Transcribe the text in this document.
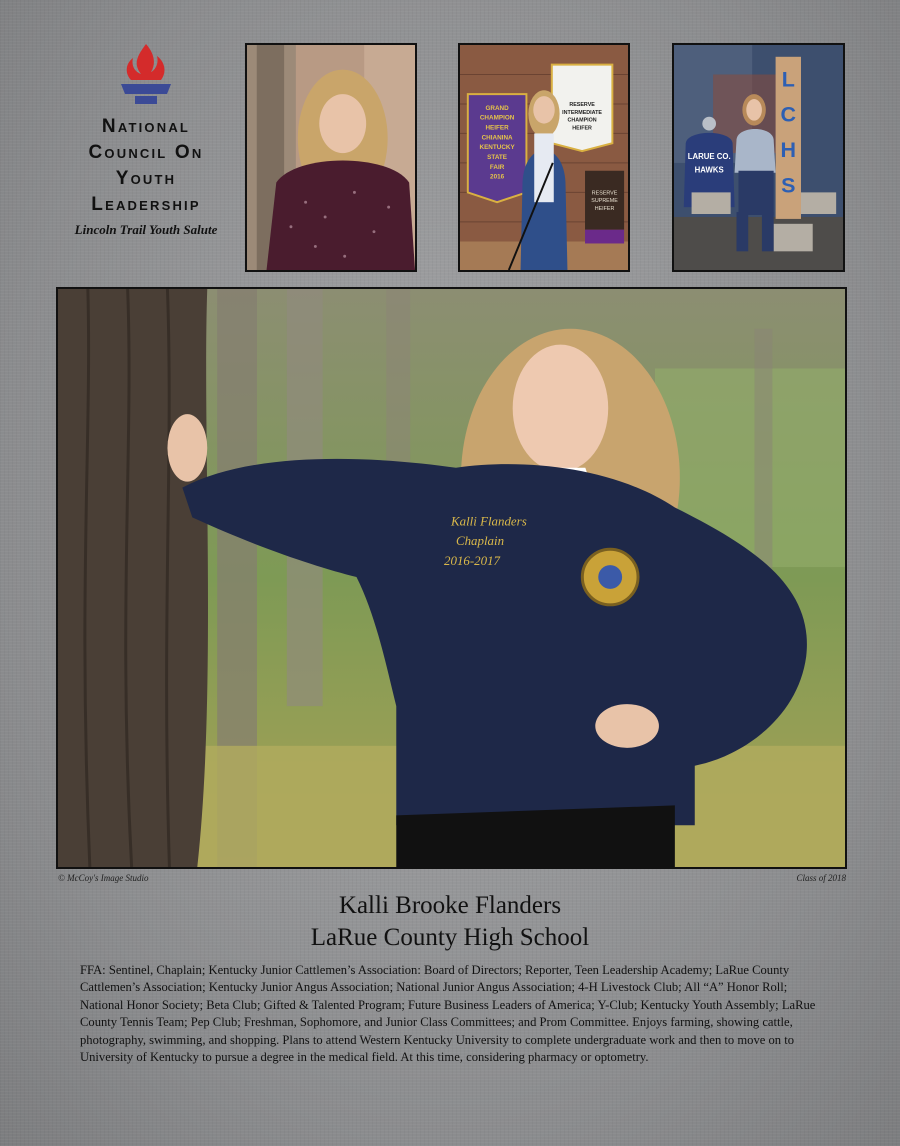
National
Council On
Youth
Leadership
Lincoln Trail Youth Salute
GRAND
CHAMPION
HEIFER
CHIANINA
KENTUCKY
STATE
FAIR
2016
RESERVE
INTERMEDIATE
CHAMPION
HEIFER
RESERVE
SUPREME
HEIFER
L
C
H
S
LARUE CO.
HAWKS
Kalli Flanders
Chaplain
2016-2017
© McCoy's Image Studio	Class of 2018
Kalli Brooke Flanders
LaRue County High School
FFA: Sentinel, Chaplain; Kentucky Junior Cattlemen’s Association: Board of Directors; Reporter, Teen Leadership Academy; LaRue County Cattlemen’s Association; Kentucky Junior Angus Association; National Junior Angus Association; 4-H Livestock Club; All “A” Honor Roll; National Honor Society; Beta Club; Gifted & Talented Program; Future Business Leaders of America; Y-Club; Kentucky Youth Assembly; LaRue County Tennis Team; Pep Club; Freshman, Sophomore, and Junior Class Committees; and Prom Committee. Enjoys farming, showing cattle, photography, swimming, and shopping. Plans to attend Western Kentucky University to complete undergraduate work and then to move on to University of Kentucky to pursue a degree in the medical field. At this time, considering pharmacy or optometry.
